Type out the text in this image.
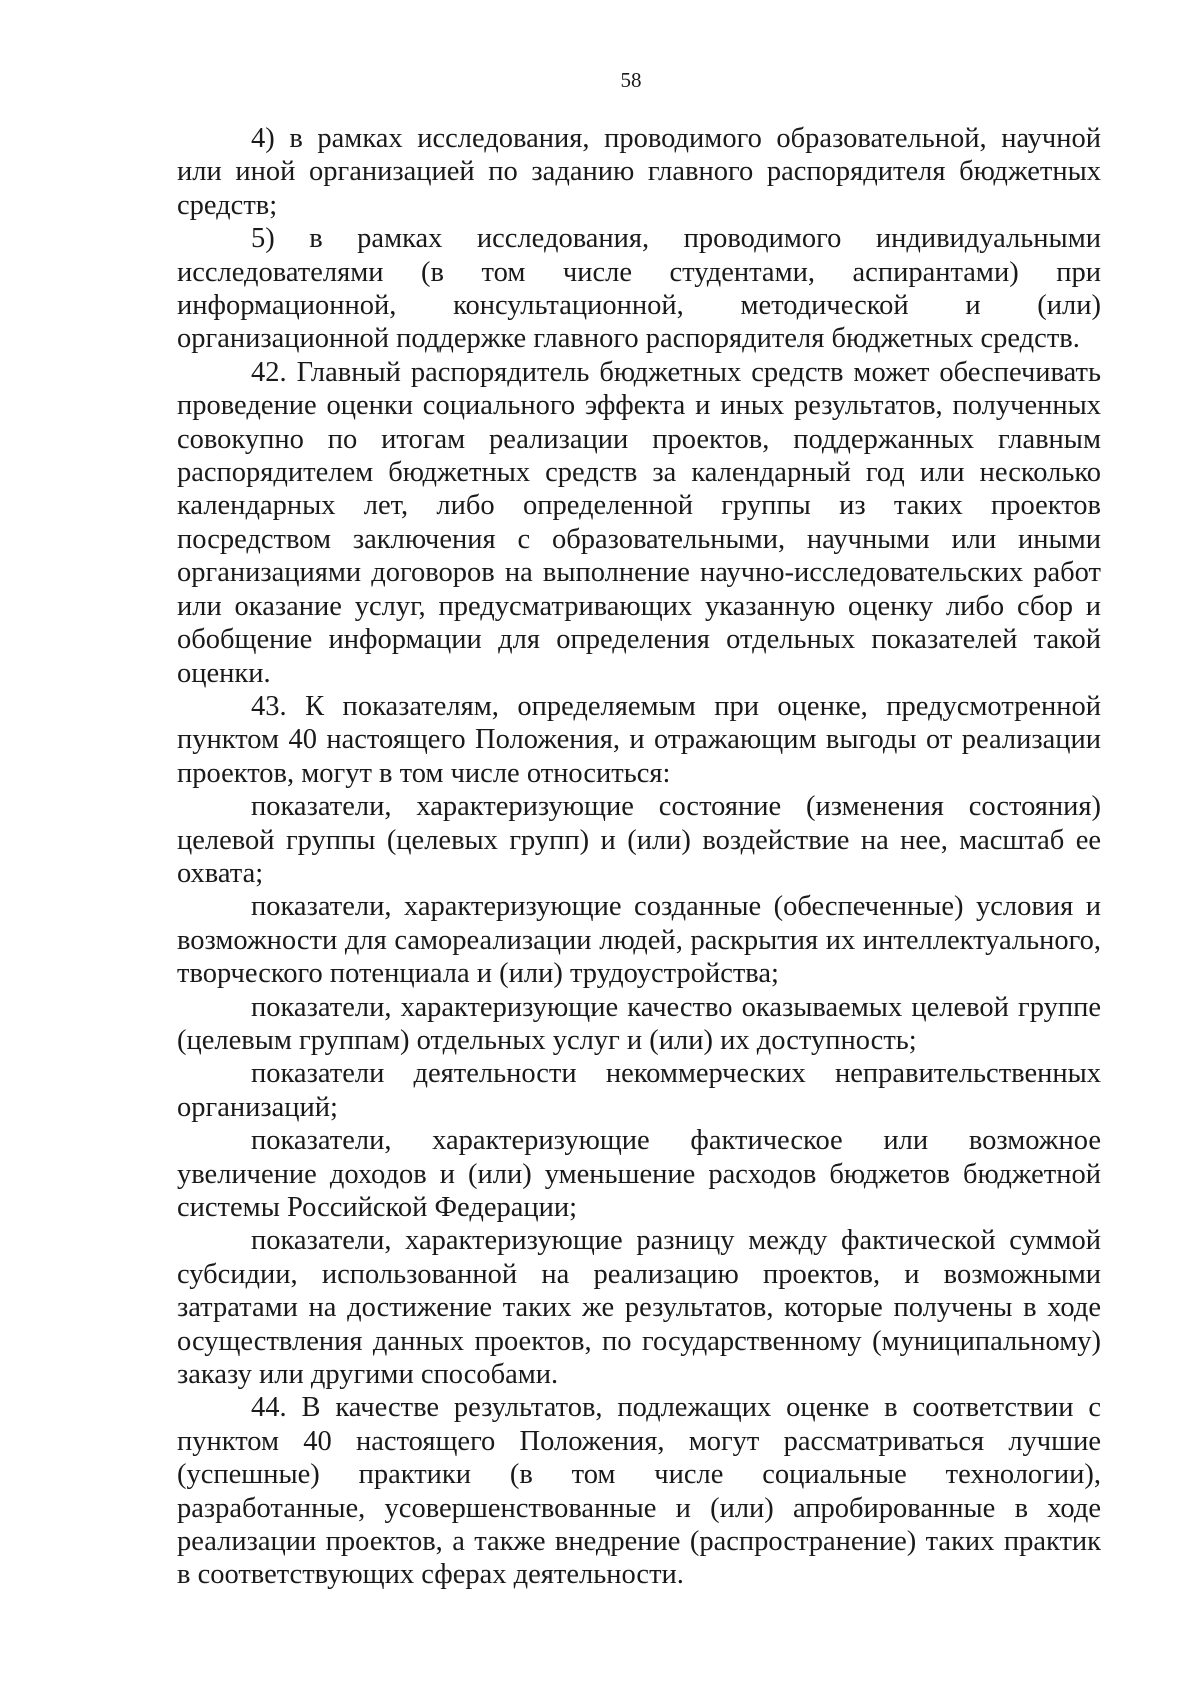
58

4) в рамках исследования, проводимого образовательной, научной или иной организацией по заданию главного распорядителя бюджетных средств;

5) в рамках исследования, проводимого индивидуальными исследователями (в том числе студентами, аспирантами) при информационной, консультационной, методической и (или) организационной поддержке главного распорядителя бюджетных средств.

42. Главный распорядитель бюджетных средств может обеспечивать проведение оценки социального эффекта и иных результатов, полученных совокупно по итогам реализации проектов, поддержанных главным распорядителем бюджетных средств за календарный год или несколько календарных лет, либо определенной группы из таких проектов посредством заключения с образовательными, научными или иными организациями договоров на выполнение научно-исследовательских работ или оказание услуг, предусматривающих указанную оценку либо сбор и обобщение информации для определения отдельных показателей такой оценки.

43. К показателям, определяемым при оценке, предусмотренной пунктом 40 настоящего Положения, и отражающим выгоды от реализации проектов, могут в том числе относиться:

показатели, характеризующие состояние (изменения состояния) целевой группы (целевых групп) и (или) воздействие на нее, масштаб ее охвата;

показатели, характеризующие созданные (обеспеченные) условия и возможности для самореализации людей, раскрытия их интеллектуального, творческого потенциала и (или) трудоустройства;

показатели, характеризующие качество оказываемых целевой группе (целевым группам) отдельных услуг и (или) их доступность;

показатели деятельности некоммерческих неправительственных организаций;

показатели, характеризующие фактическое или возможное увеличение доходов и (или) уменьшение расходов бюджетов бюджетной системы Российской Федерации;

показатели, характеризующие разницу между фактической суммой субсидии, использованной на реализацию проектов, и возможными затратами на достижение таких же результатов, которые получены в ходе осуществления данных проектов, по государственному (муниципальному) заказу или другими способами.

44. В качестве результатов, подлежащих оценке в соответствии с пунктом 40 настоящего Положения, могут рассматриваться лучшие (успешные) практики (в том числе социальные технологии), разработанные, усовершенствованные и (или) апробированные в ходе реализации проектов, а также внедрение (распространение) таких практик в соответствующих сферах деятельности.
